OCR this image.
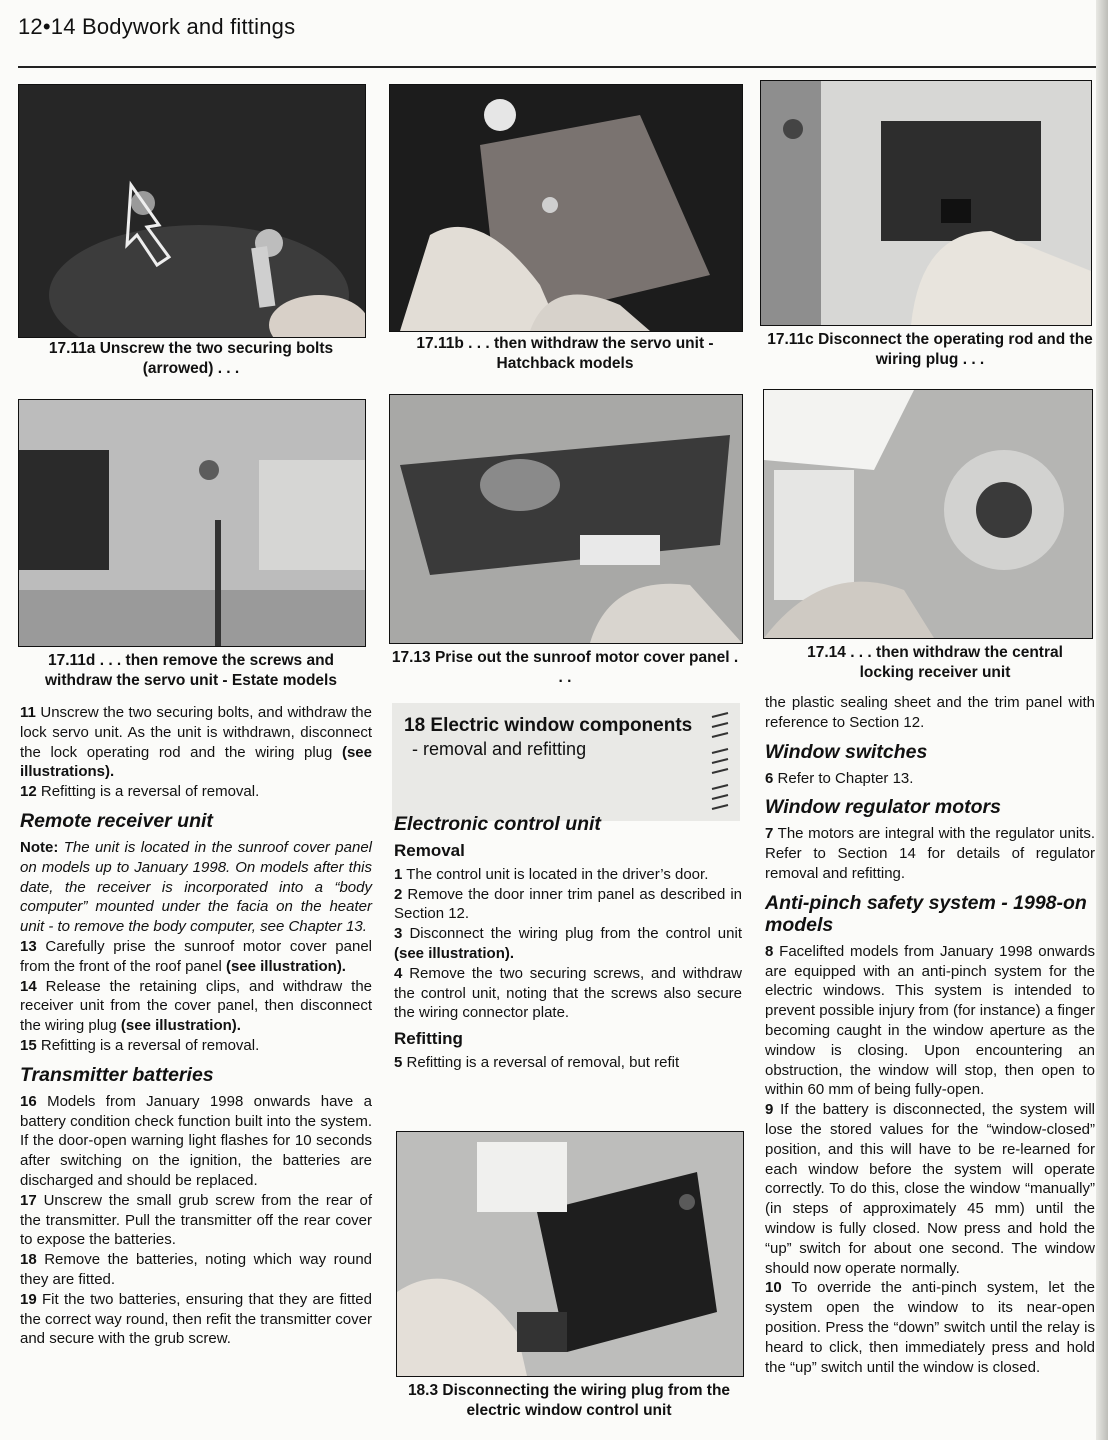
12•14 Bodywork and fittings
17.11a Unscrew the two securing bolts (arrowed) . . .
17.11b . . . then withdraw the servo unit - Hatchback models
17.11c Disconnect the operating rod and the wiring plug . . .
17.11d . . . then remove the screws and withdraw the servo unit - Estate models
17.13 Prise out the sunroof motor cover panel . . .
17.14 . . . then withdraw the central locking receiver unit

11 Unscrew the two securing bolts, and withdraw the lock servo unit. As the unit is withdrawn, disconnect the lock operating rod and the wiring plug (see illustrations).

12 Refitting is a reversal of removal.

Remote receiver unit

Note: The unit is located in the sunroof cover panel on models up to January 1998. On models after this date, the receiver is incorporated into a “body computer” mounted under the facia on the heater unit - to remove the body computer, see Chapter 13.

13 Carefully prise the sunroof motor cover panel from the front of the roof panel (see illustration).

14 Release the retaining clips, and withdraw the receiver unit from the cover panel, then disconnect the wiring plug (see illustration).

15 Refitting is a reversal of removal.

Transmitter batteries

16 Models from January 1998 onwards have a battery condition check function built into the system. If the door-open warning light flashes for 10 seconds after switching on the ignition, the batteries are discharged and should be replaced.

17 Unscrew the small grub screw from the rear of the transmitter. Pull the transmitter off the rear cover to expose the batteries.

18 Remove the batteries, noting which way round they are fitted.

19 Fit the two batteries, ensuring that they are fitted the correct way round, then refit the transmitter cover and secure with the grub screw.

18 Electric window components
- removal and refitting
Electronic control unit
Removal

1 The control unit is located in the driver’s door.

2 Remove the door inner trim panel as described in Section 12.

3 Disconnect the wiring plug from the control unit (see illustration).

4 Remove the two securing screws, and withdraw the control unit, noting that the screws also secure the wiring connector plate.

Refitting

5 Refitting is a reversal of removal, but refit

18.3 Disconnecting the wiring plug from the electric window control unit

the plastic sealing sheet and the trim panel with reference to Section 12.

Window switches

6 Refer to Chapter 13.

Window regulator motors

7 The motors are integral with the regulator units. Refer to Section 14 for details of regulator removal and refitting.

Anti-pinch safety system - 1998-on models

8 Facelifted models from January 1998 onwards are equipped with an anti-pinch system for the electric windows. This system is intended to prevent possible injury from (for instance) a finger becoming caught in the window aperture as the window is closing. Upon encountering an obstruction, the window will stop, then open to within 60 mm of being fully-open.

9 If the battery is disconnected, the system will lose the stored values for the “window-closed” position, and this will have to be re-learned for each window before the system will operate correctly. To do this, close the window “manually” (in steps of approximately 45 mm) until the window is fully closed. Now press and hold the “up” switch for about one second. The window should now operate normally.

10 To override the anti-pinch system, let the system open the window to its near-open position. Press the “down” switch until the relay is heard to click, then immediately press and hold the “up” switch until the window is closed.
